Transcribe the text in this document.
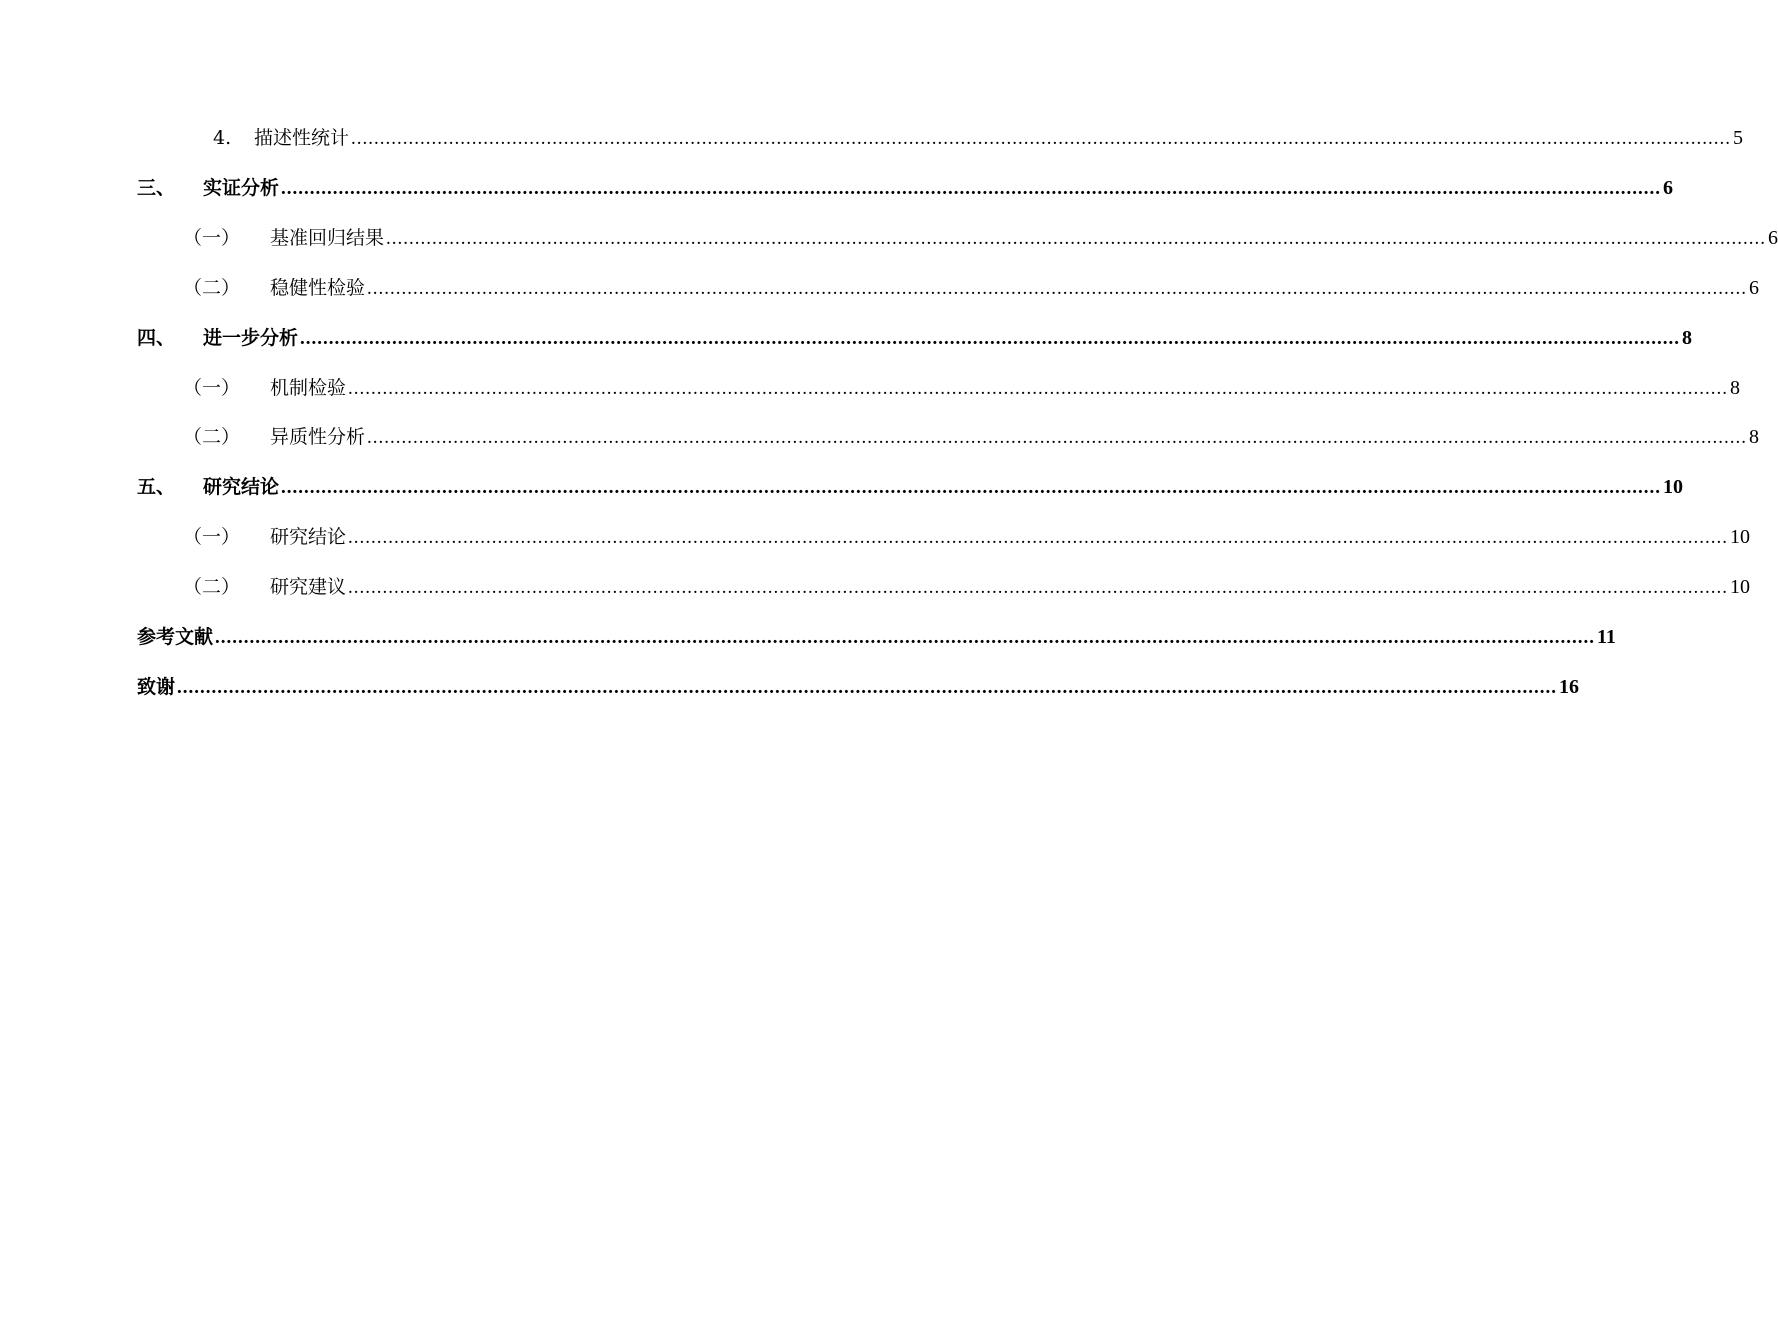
4.	描述性统计 ................................................................................................................................................................................................................................................ 5
三、	实证分析 ................................................................................................................................................................................................................................................ 6
（一）	基准回归结果 ................................................................................................................................................................................................................................................ 6
（二）	稳健性检验 ................................................................................................................................................................................................................................................ 6
四、	进一步分析 ................................................................................................................................................................................................................................................ 8
（一）	机制检验 ................................................................................................................................................................................................................................................ 8
（二）	异质性分析 ................................................................................................................................................................................................................................................ 8
五、	研究结论 ................................................................................................................................................................................................................................................ 10
（一）	研究结论 ................................................................................................................................................................................................................................................ 10
（二）	研究建议 ................................................................................................................................................................................................................................................ 10
参考文献 ................................................................................................................................................................................................................................................ 11
致谢 ................................................................................................................................................................................................................................................ 16
